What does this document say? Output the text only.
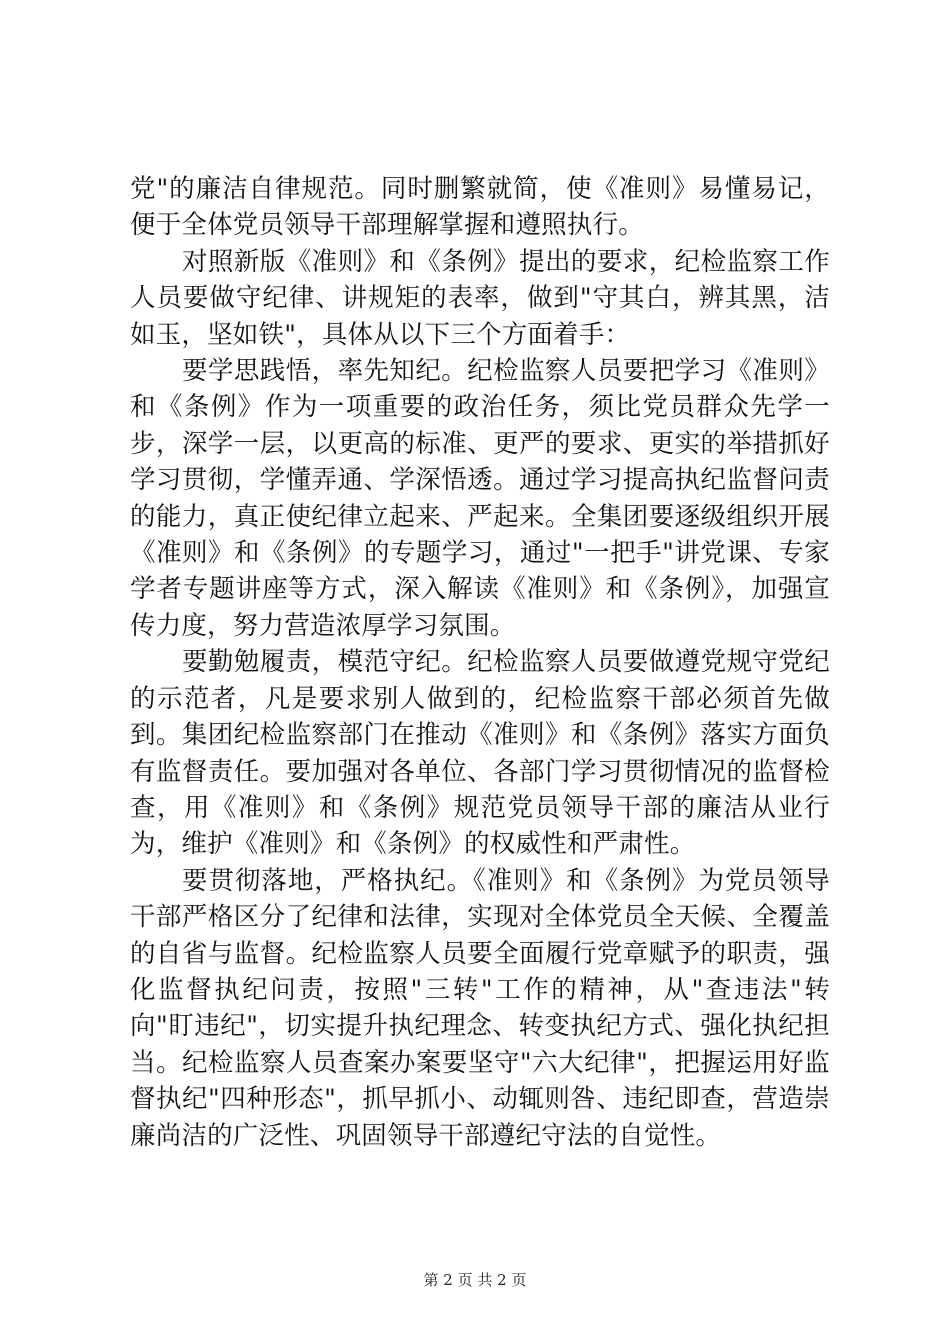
党"的廉洁自律规范。同时删繁就简，使《准则》易懂易记，便于全体党员领导干部理解掌握和遵照执行。

对照新版《准则》和《条例》提出的要求，纪检监察工作人员要做守纪律、讲规矩的表率，做到"守其白，辨其黑，洁如玉，坚如铁"，具体从以下三个方面着手：

要学思践悟，率先知纪。纪检监察人员要把学习《准则》和《条例》作为一项重要的政治任务，须比党员群众先学一步，深学一层，以更高的标准、更严的要求、更实的举措抓好学习贯彻，学懂弄通、学深悟透。通过学习提高执纪监督问责的能力，真正使纪律立起来、严起来。全集团要逐级组织开展《准则》和《条例》的专题学习，通过"一把手"讲党课、专家学者专题讲座等方式，深入解读《准则》和《条例》，加强宣传力度，努力营造浓厚学习氛围。

要勤勉履责，模范守纪。纪检监察人员要做遵党规守党纪的示范者，凡是要求别人做到的，纪检监察干部必须首先做到。集团纪检监察部门在推动《准则》和《条例》落实方面负有监督责任。要加强对各单位、各部门学习贯彻情况的监督检查，用《准则》和《条例》规范党员领导干部的廉洁从业行为，维护《准则》和《条例》的权威性和严肃性。

要贯彻落地，严格执纪。《准则》和《条例》为党员领导干部严格区分了纪律和法律，实现对全体党员全天候、全覆盖的自省与监督。纪检监察人员要全面履行党章赋予的职责，强化监督执纪问责，按照"三转"工作的精神，从"查违法"转向"盯违纪"，切实提升执纪理念、转变执纪方式、强化执纪担当。纪检监察人员查案办案要坚守"六大纪律"，把握运用好监督执纪"四种形态"，抓早抓小、动辄则咎、违纪即查，营造崇廉尚洁的广泛性、巩固领导干部遵纪守法的自觉性。

第 2 页 共 2 页
